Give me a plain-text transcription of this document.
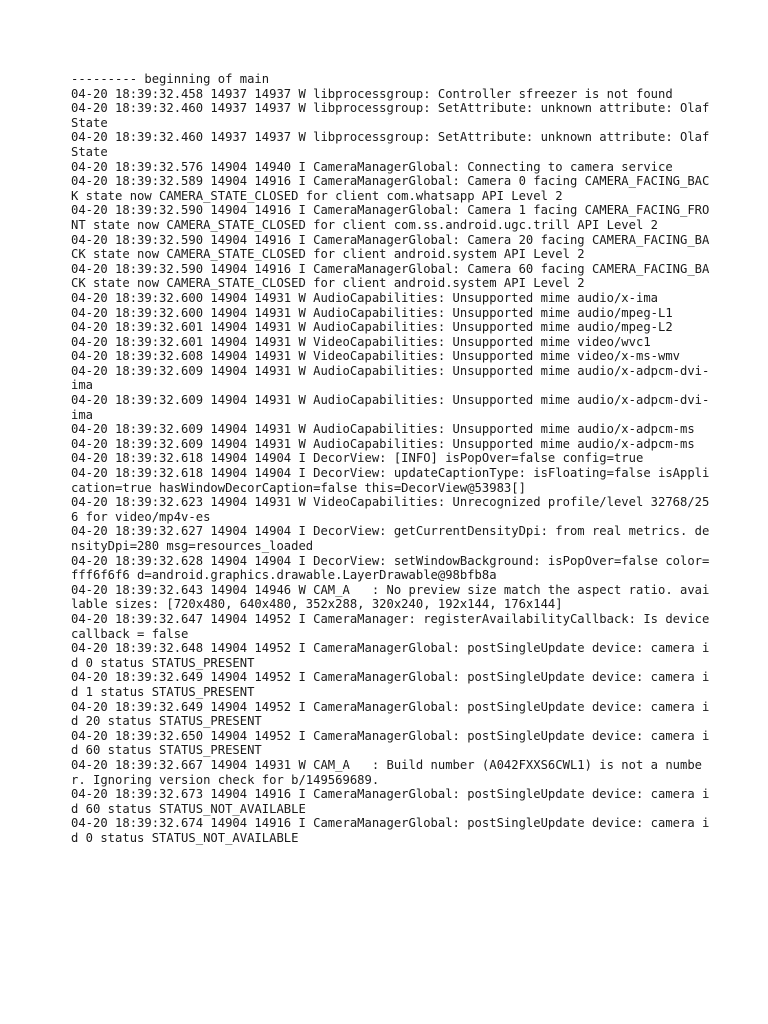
--------- beginning of main

04-20 18:39:32.458 14937 14937 W libprocessgroup: Controller sfreezer is not found

04-20 18:39:32.460 14937 14937 W libprocessgroup: SetAttribute: unknown attribute: OlafState

04-20 18:39:32.460 14937 14937 W libprocessgroup: SetAttribute: unknown attribute: OlafState

04-20 18:39:32.576 14904 14940 I CameraManagerGlobal: Connecting to camera service

04-20 18:39:32.589 14904 14916 I CameraManagerGlobal: Camera 0 facing CAMERA_FACING_BACK state now CAMERA_STATE_CLOSED for client com.whatsapp API Level 2

04-20 18:39:32.590 14904 14916 I CameraManagerGlobal: Camera 1 facing CAMERA_FACING_FRONT state now CAMERA_STATE_CLOSED for client com.ss.android.ugc.trill API Level 2

04-20 18:39:32.590 14904 14916 I CameraManagerGlobal: Camera 20 facing CAMERA_FACING_BACK state now CAMERA_STATE_CLOSED for client android.system API Level 2

04-20 18:39:32.590 14904 14916 I CameraManagerGlobal: Camera 60 facing CAMERA_FACING_BACK state now CAMERA_STATE_CLOSED for client android.system API Level 2

04-20 18:39:32.600 14904 14931 W AudioCapabilities: Unsupported mime audio/x-ima

04-20 18:39:32.600 14904 14931 W AudioCapabilities: Unsupported mime audio/mpeg-L1

04-20 18:39:32.601 14904 14931 W AudioCapabilities: Unsupported mime audio/mpeg-L2

04-20 18:39:32.601 14904 14931 W VideoCapabilities: Unsupported mime video/wvc1

04-20 18:39:32.608 14904 14931 W VideoCapabilities: Unsupported mime video/x-ms-wmv

04-20 18:39:32.609 14904 14931 W AudioCapabilities: Unsupported mime audio/x-adpcm-dvi-ima

04-20 18:39:32.609 14904 14931 W AudioCapabilities: Unsupported mime audio/x-adpcm-dvi-ima

04-20 18:39:32.609 14904 14931 W AudioCapabilities: Unsupported mime audio/x-adpcm-ms

04-20 18:39:32.609 14904 14931 W AudioCapabilities: Unsupported mime audio/x-adpcm-ms

04-20 18:39:32.618 14904 14904 I DecorView: [INFO] isPopOver=false config=true

04-20 18:39:32.618 14904 14904 I DecorView: updateCaptionType: isFloating=false isApplication=true hasWindowDecorCaption=false this=DecorView@53983[]

04-20 18:39:32.623 14904 14931 W VideoCapabilities: Unrecognized profile/level 32768/256 for video/mp4v-es

04-20 18:39:32.627 14904 14904 I DecorView: getCurrentDensityDpi: from real metrics. densityDpi=280 msg=resources_loaded

04-20 18:39:32.628 14904 14904 I DecorView: setWindowBackground: isPopOver=false color=fff6f6f6 d=android.graphics.drawable.LayerDrawable@98bfb8a

04-20 18:39:32.643 14904 14946 W CAM_A   : No preview size match the aspect ratio. available sizes: [720x480, 640x480, 352x288, 320x240, 192x144, 176x144]

04-20 18:39:32.647 14904 14952 I CameraManager: registerAvailabilityCallback: Is device callback = false

04-20 18:39:32.648 14904 14952 I CameraManagerGlobal: postSingleUpdate device: camera id 0 status STATUS_PRESENT

04-20 18:39:32.649 14904 14952 I CameraManagerGlobal: postSingleUpdate device: camera id 1 status STATUS_PRESENT

04-20 18:39:32.649 14904 14952 I CameraManagerGlobal: postSingleUpdate device: camera id 20 status STATUS_PRESENT

04-20 18:39:32.650 14904 14952 I CameraManagerGlobal: postSingleUpdate device: camera id 60 status STATUS_PRESENT

04-20 18:39:32.667 14904 14931 W CAM_A   : Build number (A042FXXS6CWL1) is not a number. Ignoring version check for b/149569689.

04-20 18:39:32.673 14904 14916 I CameraManagerGlobal: postSingleUpdate device: camera id 60 status STATUS_NOT_AVAILABLE

04-20 18:39:32.674 14904 14916 I CameraManagerGlobal: postSingleUpdate device: camera id 0 status STATUS_NOT_AVAILABLE
